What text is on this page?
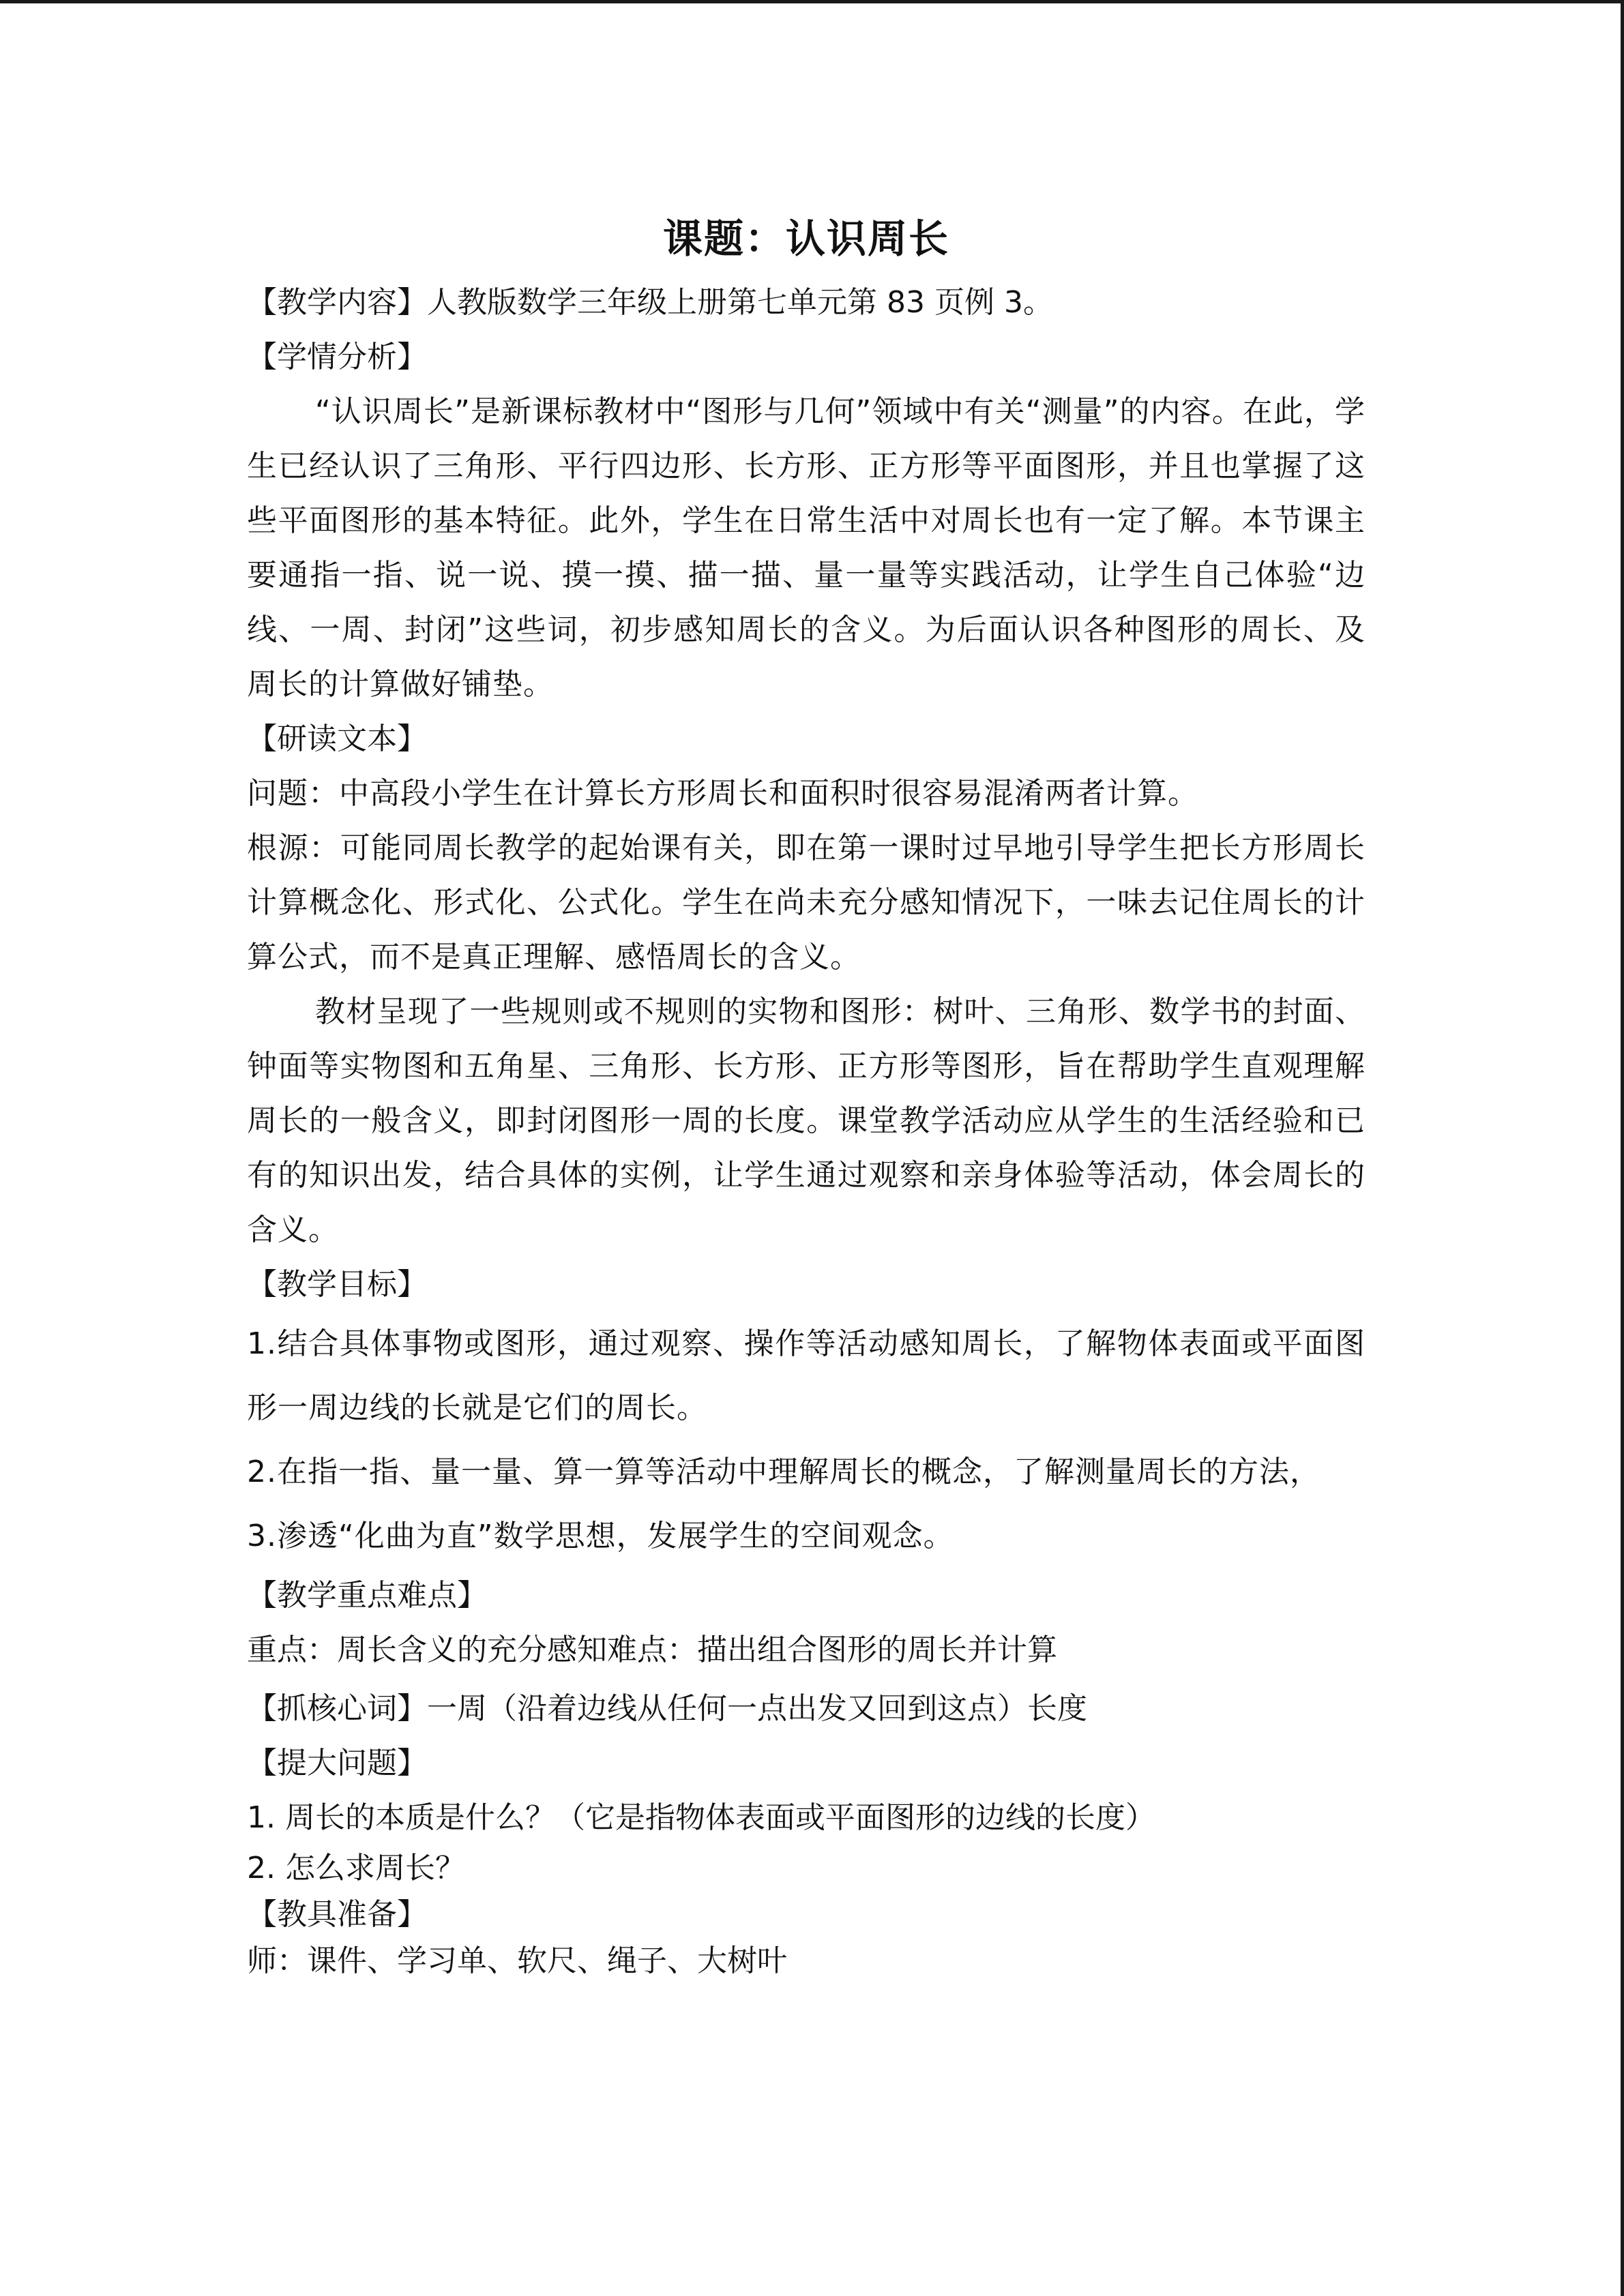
课题：认识周长
【教学内容】人教版数学三年级上册第七单元第 83 页例 3。
【学情分析】
“认识周长”是新课标教材中“图形与几何”领域中有关“测量”的内容。在此，学生已经认识了三角形、平行四边形、长方形、正方形等平面图形，并且也掌握了这些平面图形的基本特征。此外，学生在日常生活中对周长也有一定了解。本节课主要通指一指、说一说、摸一摸、描一描、量一量等实践活动，让学生自己体验“边线、一周、封闭”这些词，初步感知周长的含义。为后面认识各种图形的周长、及周长的计算做好铺垫。
【研读文本】
问题：中高段小学生在计算长方形周长和面积时很容易混淆两者计算。
根源：可能同周长教学的起始课有关，即在第一课时过早地引导学生把长方形周长计算概念化、形式化、公式化。学生在尚未充分感知情况下，一味去记住周长的计算公式，而不是真正理解、感悟周长的含义。
教材呈现了一些规则或不规则的实物和图形：树叶、三角形、数学书的封面、钟面等实物图和五角星、三角形、长方形、正方形等图形，旨在帮助学生直观理解周长的一般含义，即封闭图形一周的长度。课堂教学活动应从学生的生活经验和已有的知识出发，结合具体的实例，让学生通过观察和亲身体验等活动，体会周长的含义。
【教学目标】
1.结合具体事物或图形，通过观察、操作等活动感知周长，了解物体表面或平面图形一周边线的长就是它们的周长。
2.在指一指、量一量、算一算等活动中理解周长的概念，了解测量周长的方法，
3.渗透“化曲为直”数学思想，发展学生的空间观念。
【教学重点难点】
重点：周长含义的充分感知难点：描出组合图形的周长并计算
【抓核心词】一周（沿着边线从任何一点出发又回到这点）长度
【提大问题】
1. 周长的本质是什么？（它是指物体表面或平面图形的边线的长度）
2. 怎么求周长？
【教具准备】
师：课件、学习单、软尺、绳子、大树叶
